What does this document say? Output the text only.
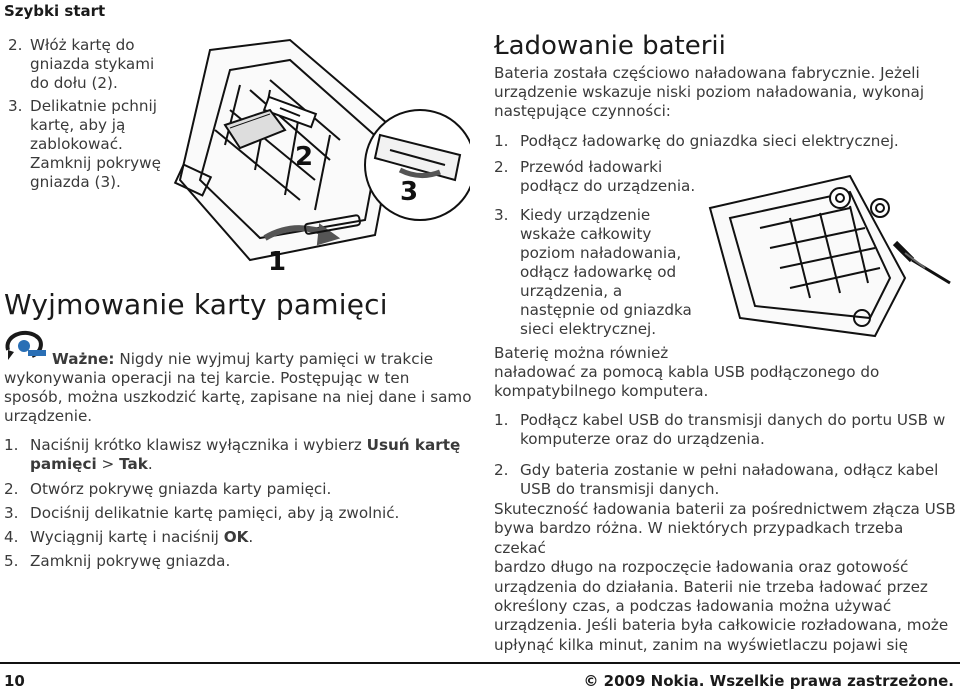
Szybki start
2. Włóż kartę do
gniazda stykami
do dołu (2).
3. Delikatnie pchnij
kartę, aby ją
zablokować.
Zamknij pokrywę
gniazda (3).
1
2
3
Wyjmowanie karty pamięci
Ważne: Nigdy nie wyjmuj karty pamięci w trakcie
wykonywania operacji na tej karcie. Postępując w ten
sposób, można uszkodzić kartę, zapisane na niej dane i samo
urządzenie.
1. Naciśnij krótko klawisz wyłącznika i wybierz Usuń kartę
pamięci > Tak.
2. Otwórz pokrywę gniazda karty pamięci.
3. Dociśnij delikatnie kartę pamięci, aby ją zwolnić.
4. Wyciągnij kartę i naciśnij OK.
5. Zamknij pokrywę gniazda.
Ładowanie baterii
Bateria została częściowo naładowana fabrycznie. Jeżeli
urządzenie wskazuje niski poziom naładowania, wykonaj
następujące czynności:
1. Podłącz ładowarkę do gniazdka sieci elektrycznej.
2. Przewód ładowarki
podłącz do urządzenia.
3. Kiedy urządzenie
wskaże całkowity
poziom naładowania,
odłącz ładowarkę od
urządzenia, a
następnie od gniazdka
sieci elektrycznej.
Baterię można również
naładować za pomocą kabla USB podłączonego do
kompatybilnego komputera.
1. Podłącz kabel USB do transmisji danych do portu USB w
komputerze oraz do urządzenia.
2. Gdy bateria zostanie w pełni naładowana, odłącz kabel
USB do transmisji danych.
Skuteczność ładowania baterii za pośrednictwem złącza USB
bywa bardzo różna. W niektórych przypadkach trzeba czekać
bardzo długo na rozpoczęcie ładowania oraz gotowość
urządzenia do działania. Baterii nie trzeba ładować przez
określony czas, a podczas ładowania można używać
urządzenia. Jeśli bateria była całkowicie rozładowana, może
upłynąć kilka minut, zanim na wyświetlaczu pojawi się
10	© 2009 Nokia. Wszelkie prawa zastrzeżone.
